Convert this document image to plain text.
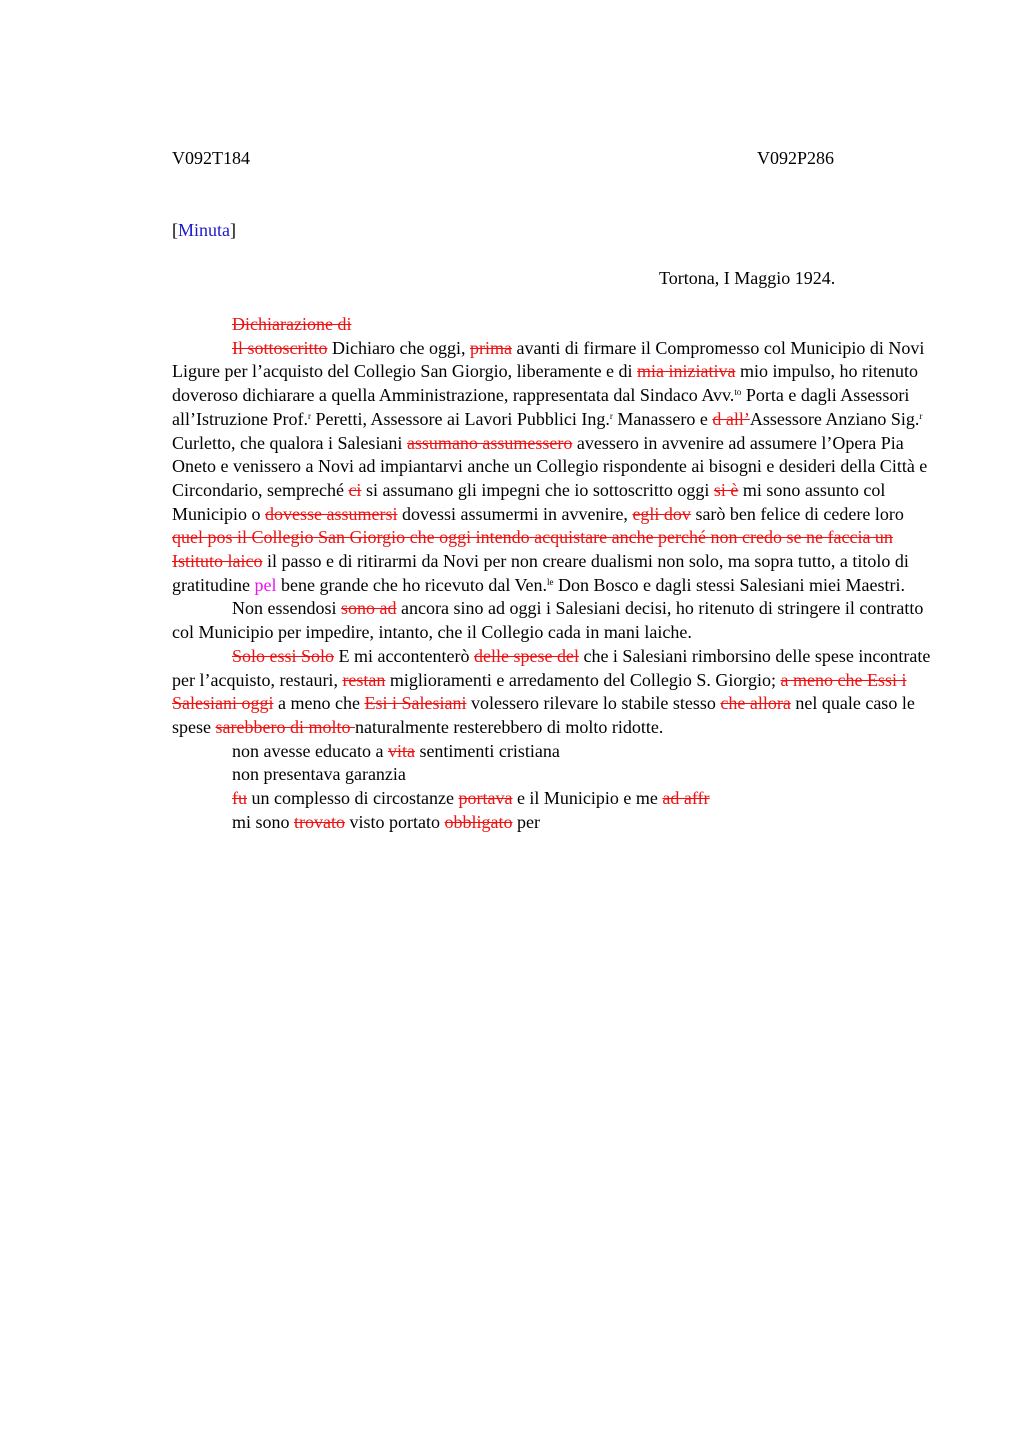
V092T184	V092P286
[Minuta]
Tortona, I Maggio 1924.

Dichiarazione di

Il sottoscritto Dichiaro che oggi, prima avanti di firmare il Compromesso col Municipio di Novi Ligure per l’acquisto del Collegio San Giorgio, liberamente e di mia iniziativa mio impulso, ho ritenuto doveroso dichiarare a quella Amministrazione, rappresentata dal Sindaco Avv.$^{to}$ Porta e dagli Assessori all’Istruzione Prof.$^r$ Peretti, Assessore ai Lavori Pubblici Ing.$^r$ Manassero e d all’Assessore Anziano Sig.$^r$ Curletto, che qualora i Salesiani assumano assumessero avessero in avvenire ad assumere l’Opera Pia Oneto e venissero a Novi ad impiantarvi anche un Collegio rispondente ai bisogni e desideri della Città e Circondario, sempreché ci si assumano gli impegni che io sottoscritto oggi si è mi sono assunto col Municipio o dovesse assumersi dovessi assumermi in avvenire, egli dov sarò ben felice di cedere loro quel pos il Collegio San Giorgio che oggi intendo acquistare anche perché non credo se ne faccia un Istituto laico il passo e di ritirarmi da Novi per non creare dualismi non solo, ma sopra tutto, a titolo di gratitudine pel bene grande che ho ricevuto dal Ven.$^{le}$ Don Bosco e dagli stessi Salesiani miei Maestri.

Non essendosi sono ad ancora sino ad oggi i Salesiani decisi, ho ritenuto di stringere il contratto col Municipio per impedire, intanto, che il Collegio cada in mani laiche.

Solo essi Solo E mi accontenterò delle spese del che i Salesiani rimborsino delle spese incontrate per l’acquisto, restauri, restan miglioramenti e arredamento del Collegio S. Giorgio; a meno che Essi i Salesiani oggi a meno che Esi i Salesiani volessero rilevare lo stabile stesso che allora nel quale caso le spese sarebbero di molto naturalmente resterebbero di molto ridotte.

non avesse educato a vita sentimenti cristiana
non presentava garanzia
fu un complesso di circostanze portava e il Municipio e me ad affr
mi sono trovato visto portato obbligato per
